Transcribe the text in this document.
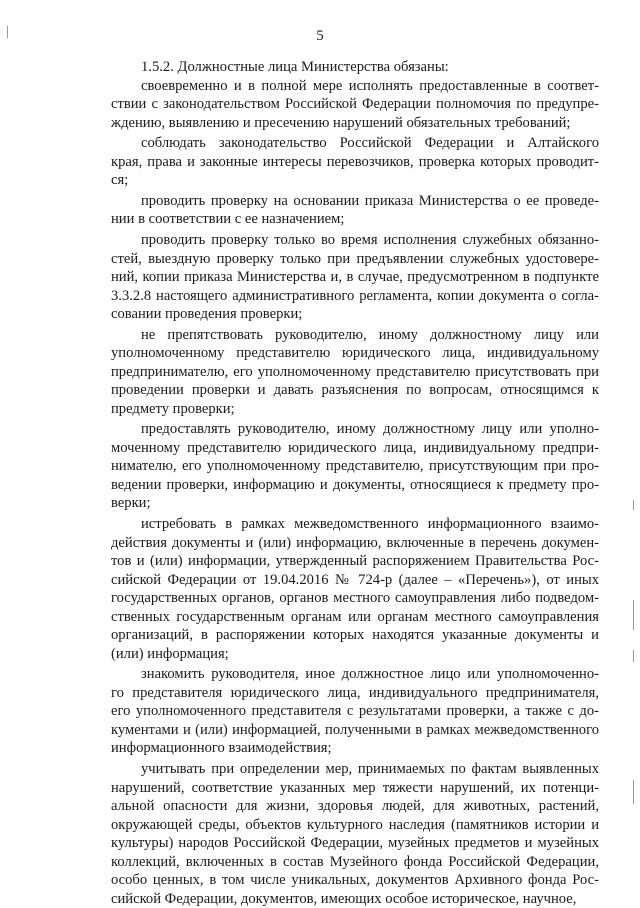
5
1.5.2. Должностные лица Министерства обязаны:
своевременно и в полной мере исполнять предоставленные в соответ-
ствии с законодательством Российской Федерации полномочия по предупре-
ждению, выявлению и пресечению нарушений обязательных требований;
соблюдать законодательство Российской Федерации и Алтайского
края, права и законные интересы перевозчиков, проверка которых проводит-
ся;
проводить проверку на основании приказа Министерства о ее проведе-
нии в соответствии с ее назначением;
проводить проверку только во время исполнения служебных обязанно-
стей, выездную проверку только при предъявлении служебных удостовере-
ний, копии приказа Министерства и, в случае, предусмотренном в подпункте
3.3.2.8 настоящего административного регламента, копии документа о согла-
совании проведения проверки;
не препятствовать руководителю, иному должностному лицу или
уполномоченному представителю юридического лица, индивидуальному
предпринимателю, его уполномоченному представителю присутствовать при
проведении проверки и давать разъяснения по вопросам, относящимся к
предмету проверки;
предоставлять руководителю, иному должностному лицу или уполно-
моченному представителю юридического лица, индивидуальному предпри-
нимателю, его уполномоченному представителю, присутствующим при про-
ведении проверки, информацию и документы, относящиеся к предмету про-
верки;
истребовать в рамках межведомственного информационного взаимо-
действия документы и (или) информацию, включенные в перечень докумен-
тов и (или) информации, утвержденный распоряжением Правительства Рос-
сийской Федерации от 19.04.2016 № 724-р (далее – «Перечень»), от иных
государственных органов, органов местного самоуправления либо подведом-
ственных государственным органам или органам местного самоуправления
организаций, в распоряжении которых находятся указанные документы и
(или) информация;
знакомить руководителя, иное должностное лицо или уполномоченно-
го представителя юридического лица, индивидуального предпринимателя,
его уполномоченного представителя с результатами проверки, а также с до-
кументами и (или) информацией, полученными в рамках межведомственного
информационного взаимодействия;
учитывать при определении мер, принимаемых по фактам выявленных
нарушений, соответствие указанных мер тяжести нарушений, их потенци-
альной опасности для жизни, здоровья людей, для животных, растений,
окружающей среды, объектов культурного наследия (памятников истории и
культуры) народов Российской Федерации, музейных предметов и музейных
коллекций, включенных в состав Музейного фонда Российской Федерации,
особо ценных, в том числе уникальных, документов Архивного фонда Рос-
сийской Федерации, документов, имеющих особое историческое, научное,
